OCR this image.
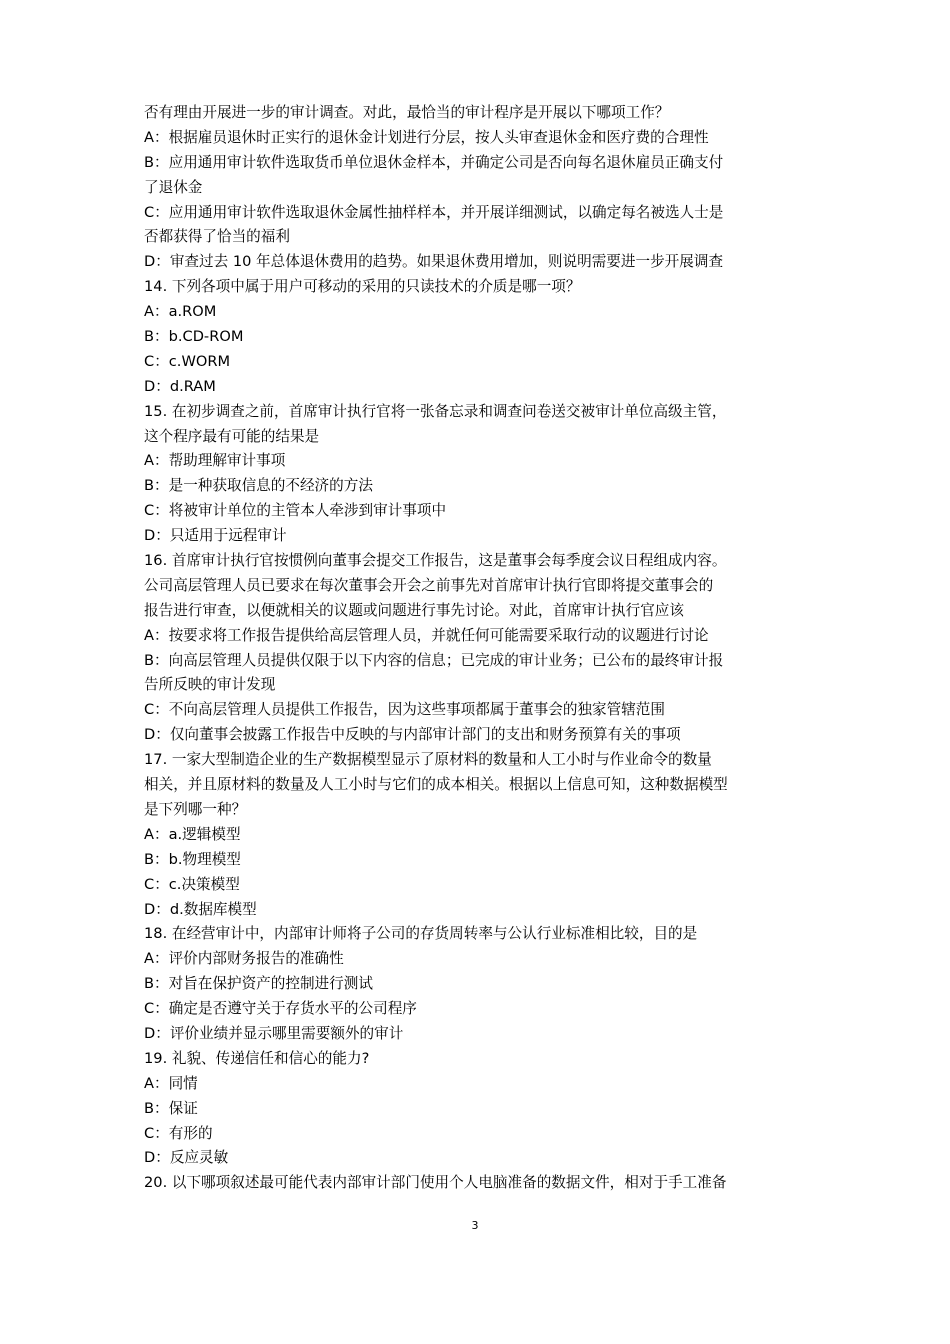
否有理由开展进一步的审计调查。对此，最恰当的审计程序是开展以下哪项工作？
A：根据雇员退休时正实行的退休金计划进行分层，按人头审查退休金和医疗费的合理性
B：应用通用审计软件选取货币单位退休金样本，并确定公司是否向每名退休雇员正确支付
了退休金
C：应用通用审计软件选取退休金属性抽样样本，并开展详细测试，以确定每名被选人士是
否都获得了恰当的福利
D：审查过去 10 年总体退休费用的趋势。如果退休费用增加，则说明需要进一步开展调查
14. 下列各项中属于用户可移动的采用的只读技术的介质是哪一项？
A：a.ROM
B：b.CD-ROM
C：c.WORM
D：d.RAM
15. 在初步调查之前，首席审计执行官将一张备忘录和调查问卷送交被审计单位高级主管，
这个程序最有可能的结果是
A：帮助理解审计事项
B：是一种获取信息的不经济的方法
C：将被审计单位的主管本人牵涉到审计事项中
D：只适用于远程审计
16. 首席审计执行官按惯例向董事会提交工作报告，这是董事会每季度会议日程组成内容。
公司高层管理人员已要求在每次董事会开会之前事先对首席审计执行官即将提交董事会的
报告进行审查，以便就相关的议题或问题进行事先讨论。对此，首席审计执行官应该
A：按要求将工作报告提供给高层管理人员，并就任何可能需要采取行动的议题进行讨论
B：向高层管理人员提供仅限于以下内容的信息；已完成的审计业务；已公布的最终审计报
告所反映的审计发现
C：不向高层管理人员提供工作报告，因为这些事项都属于董事会的独家管辖范围
D：仅向董事会披露工作报告中反映的与内部审计部门的支出和财务预算有关的事项
17. 一家大型制造企业的生产数据模型显示了原材料的数量和人工小时与作业命令的数量
相关，并且原材料的数量及人工小时与它们的成本相关。根据以上信息可知，这种数据模型
是下列哪一种？
A：a.逻辑模型
B：b.物理模型
C：c.决策模型
D：d.数据库模型
18. 在经营审计中，内部审计师将子公司的存货周转率与公认行业标准相比较，目的是
A：评价内部财务报告的准确性
B：对旨在保护资产的控制进行测试
C：确定是否遵守关于存货水平的公司程序
D：评价业绩并显示哪里需要额外的审计
19. 礼貌、传递信任和信心的能力?
A：同情
B：保证
C：有形的
D：反应灵敏
20. 以下哪项叙述最可能代表内部审计部门使用个人电脑准备的数据文件，相对于手工准备
3
